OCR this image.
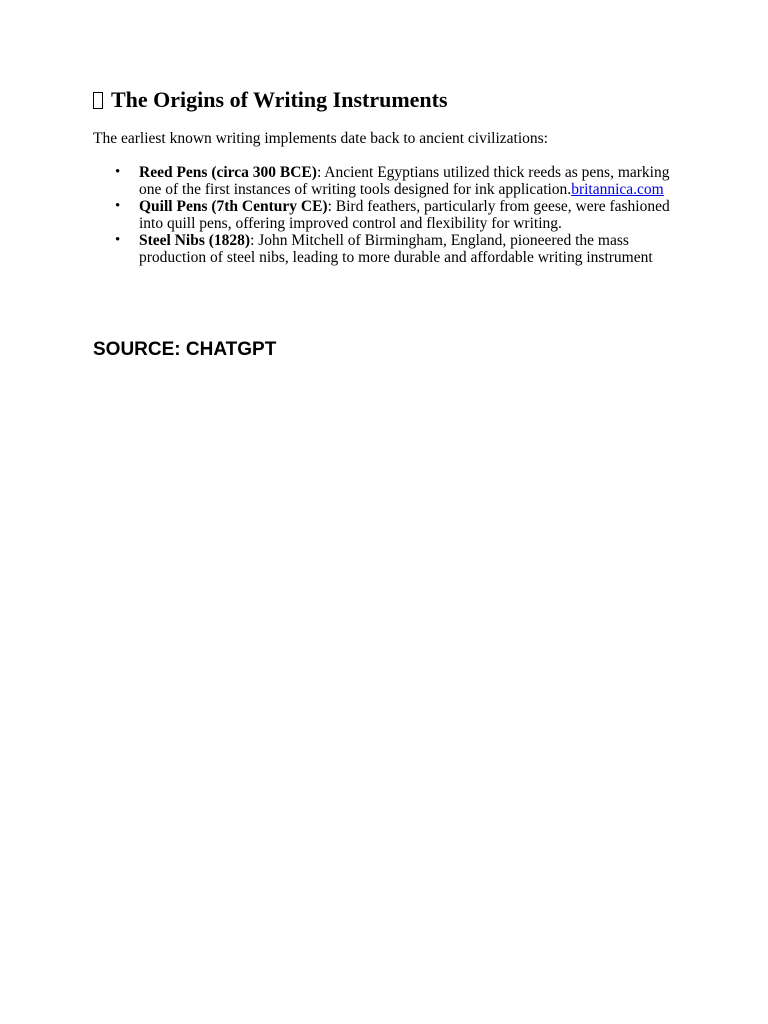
The Origins of Writing Instruments

The earliest known writing implements date back to ancient civilizations:

• Reed Pens (circa 300 BCE): Ancient Egyptians utilized thick reeds as pens, marking one of the first instances of writing tools designed for ink application.britannica.com
• Quill Pens (7th Century CE): Bird feathers, particularly from geese, were fashioned into quill pens, offering improved control and flexibility for writing.
• Steel Nibs (1828): John Mitchell of Birmingham, England, pioneered the mass production of steel nibs, leading to more durable and affordable writing instrument

SOURCE: CHATGPT
